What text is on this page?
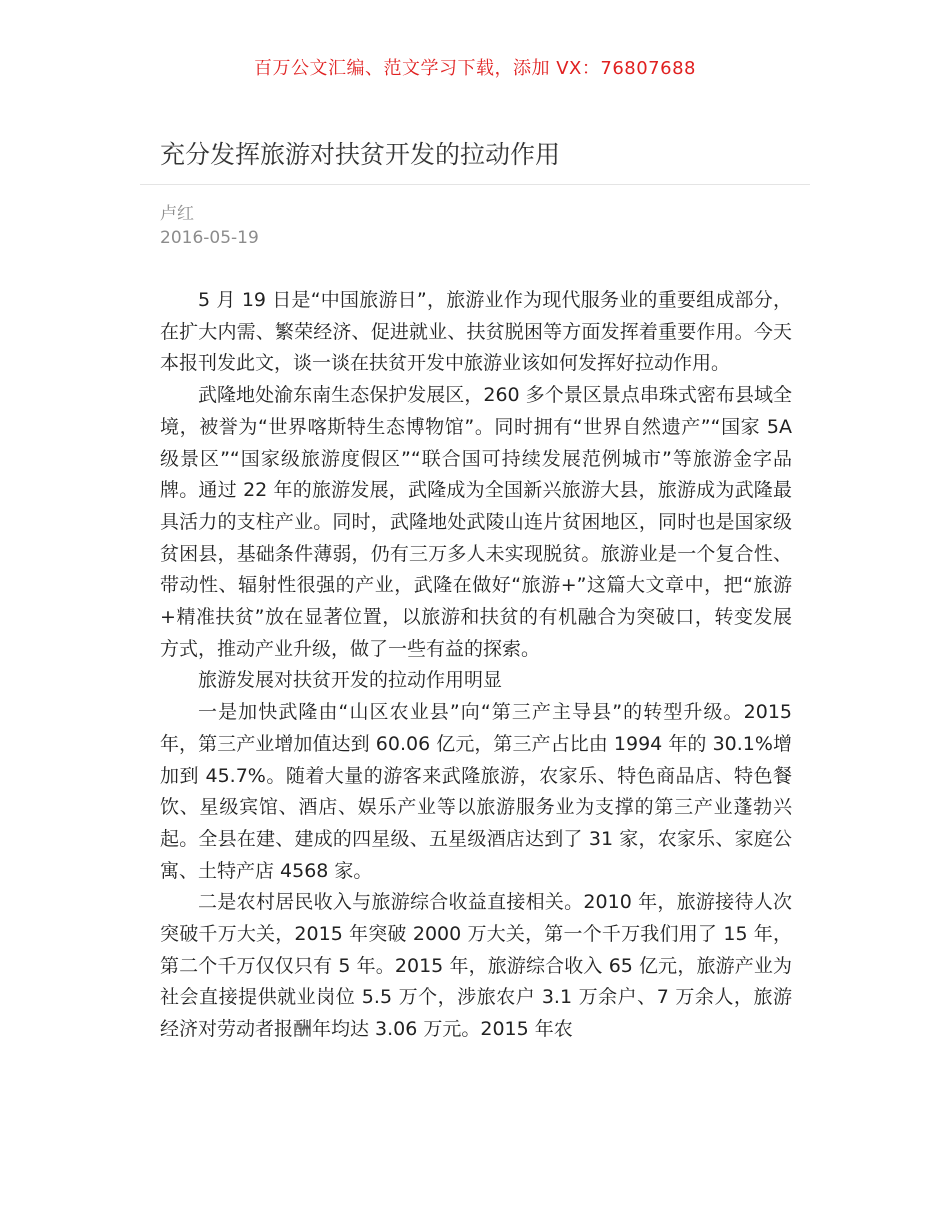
百万公文汇编、范文学习下载，添加 VX：76807688
充分发挥旅游对扶贫开发的拉动作用
卢红
2016-05-19

5 月 19 日是“中国旅游日”，旅游业作为现代服务业的重要组成部分，在扩大内需、繁荣经济、促进就业、扶贫脱困等方面发挥着重要作用。今天本报刊发此文，谈一谈在扶贫开发中旅游业该如何发挥好拉动作用。

武隆地处渝东南生态保护发展区，260 多个景区景点串珠式密布县域全境，被誉为“世界喀斯特生态博物馆”。同时拥有“世界自然遗产”“国家 5A 级景区”“国家级旅游度假区”“联合国可持续发展范例城市”等旅游金字品牌。通过 22 年的旅游发展，武隆成为全国新兴旅游大县，旅游成为武隆最具活力的支柱产业。同时，武隆地处武陵山连片贫困地区，同时也是国家级贫困县，基础条件薄弱，仍有三万多人未实现脱贫。旅游业是一个复合性、带动性、辐射性很强的产业，武隆在做好“旅游+”这篇大文章中，把“旅游+精准扶贫”放在显著位置，以旅游和扶贫的有机融合为突破口，转变发展方式，推动产业升级，做了一些有益的探索。

旅游发展对扶贫开发的拉动作用明显

一是加快武隆由“山区农业县”向“第三产主导县”的转型升级。2015 年，第三产业增加值达到 60.06 亿元，第三产占比由 1994 年的 30.1%增加到 45.7%。随着大量的游客来武隆旅游，农家乐、特色商品店、特色餐饮、星级宾馆、酒店、娱乐产业等以旅游服务业为支撑的第三产业蓬勃兴起。全县在建、建成的四星级、五星级酒店达到了 31 家，农家乐、家庭公寓、土特产店 4568 家。

二是农村居民收入与旅游综合收益直接相关。2010 年，旅游接待人次突破千万大关，2015 年突破 2000 万大关，第一个千万我们用了 15 年，第二个千万仅仅只有 5 年。2015 年，旅游综合收入 65 亿元，旅游产业为社会直接提供就业岗位 5.5 万个，涉旅农户 3.1 万余户、7 万余人，旅游经济对劳动者报酬年均达 3.06 万元。2015 年农
